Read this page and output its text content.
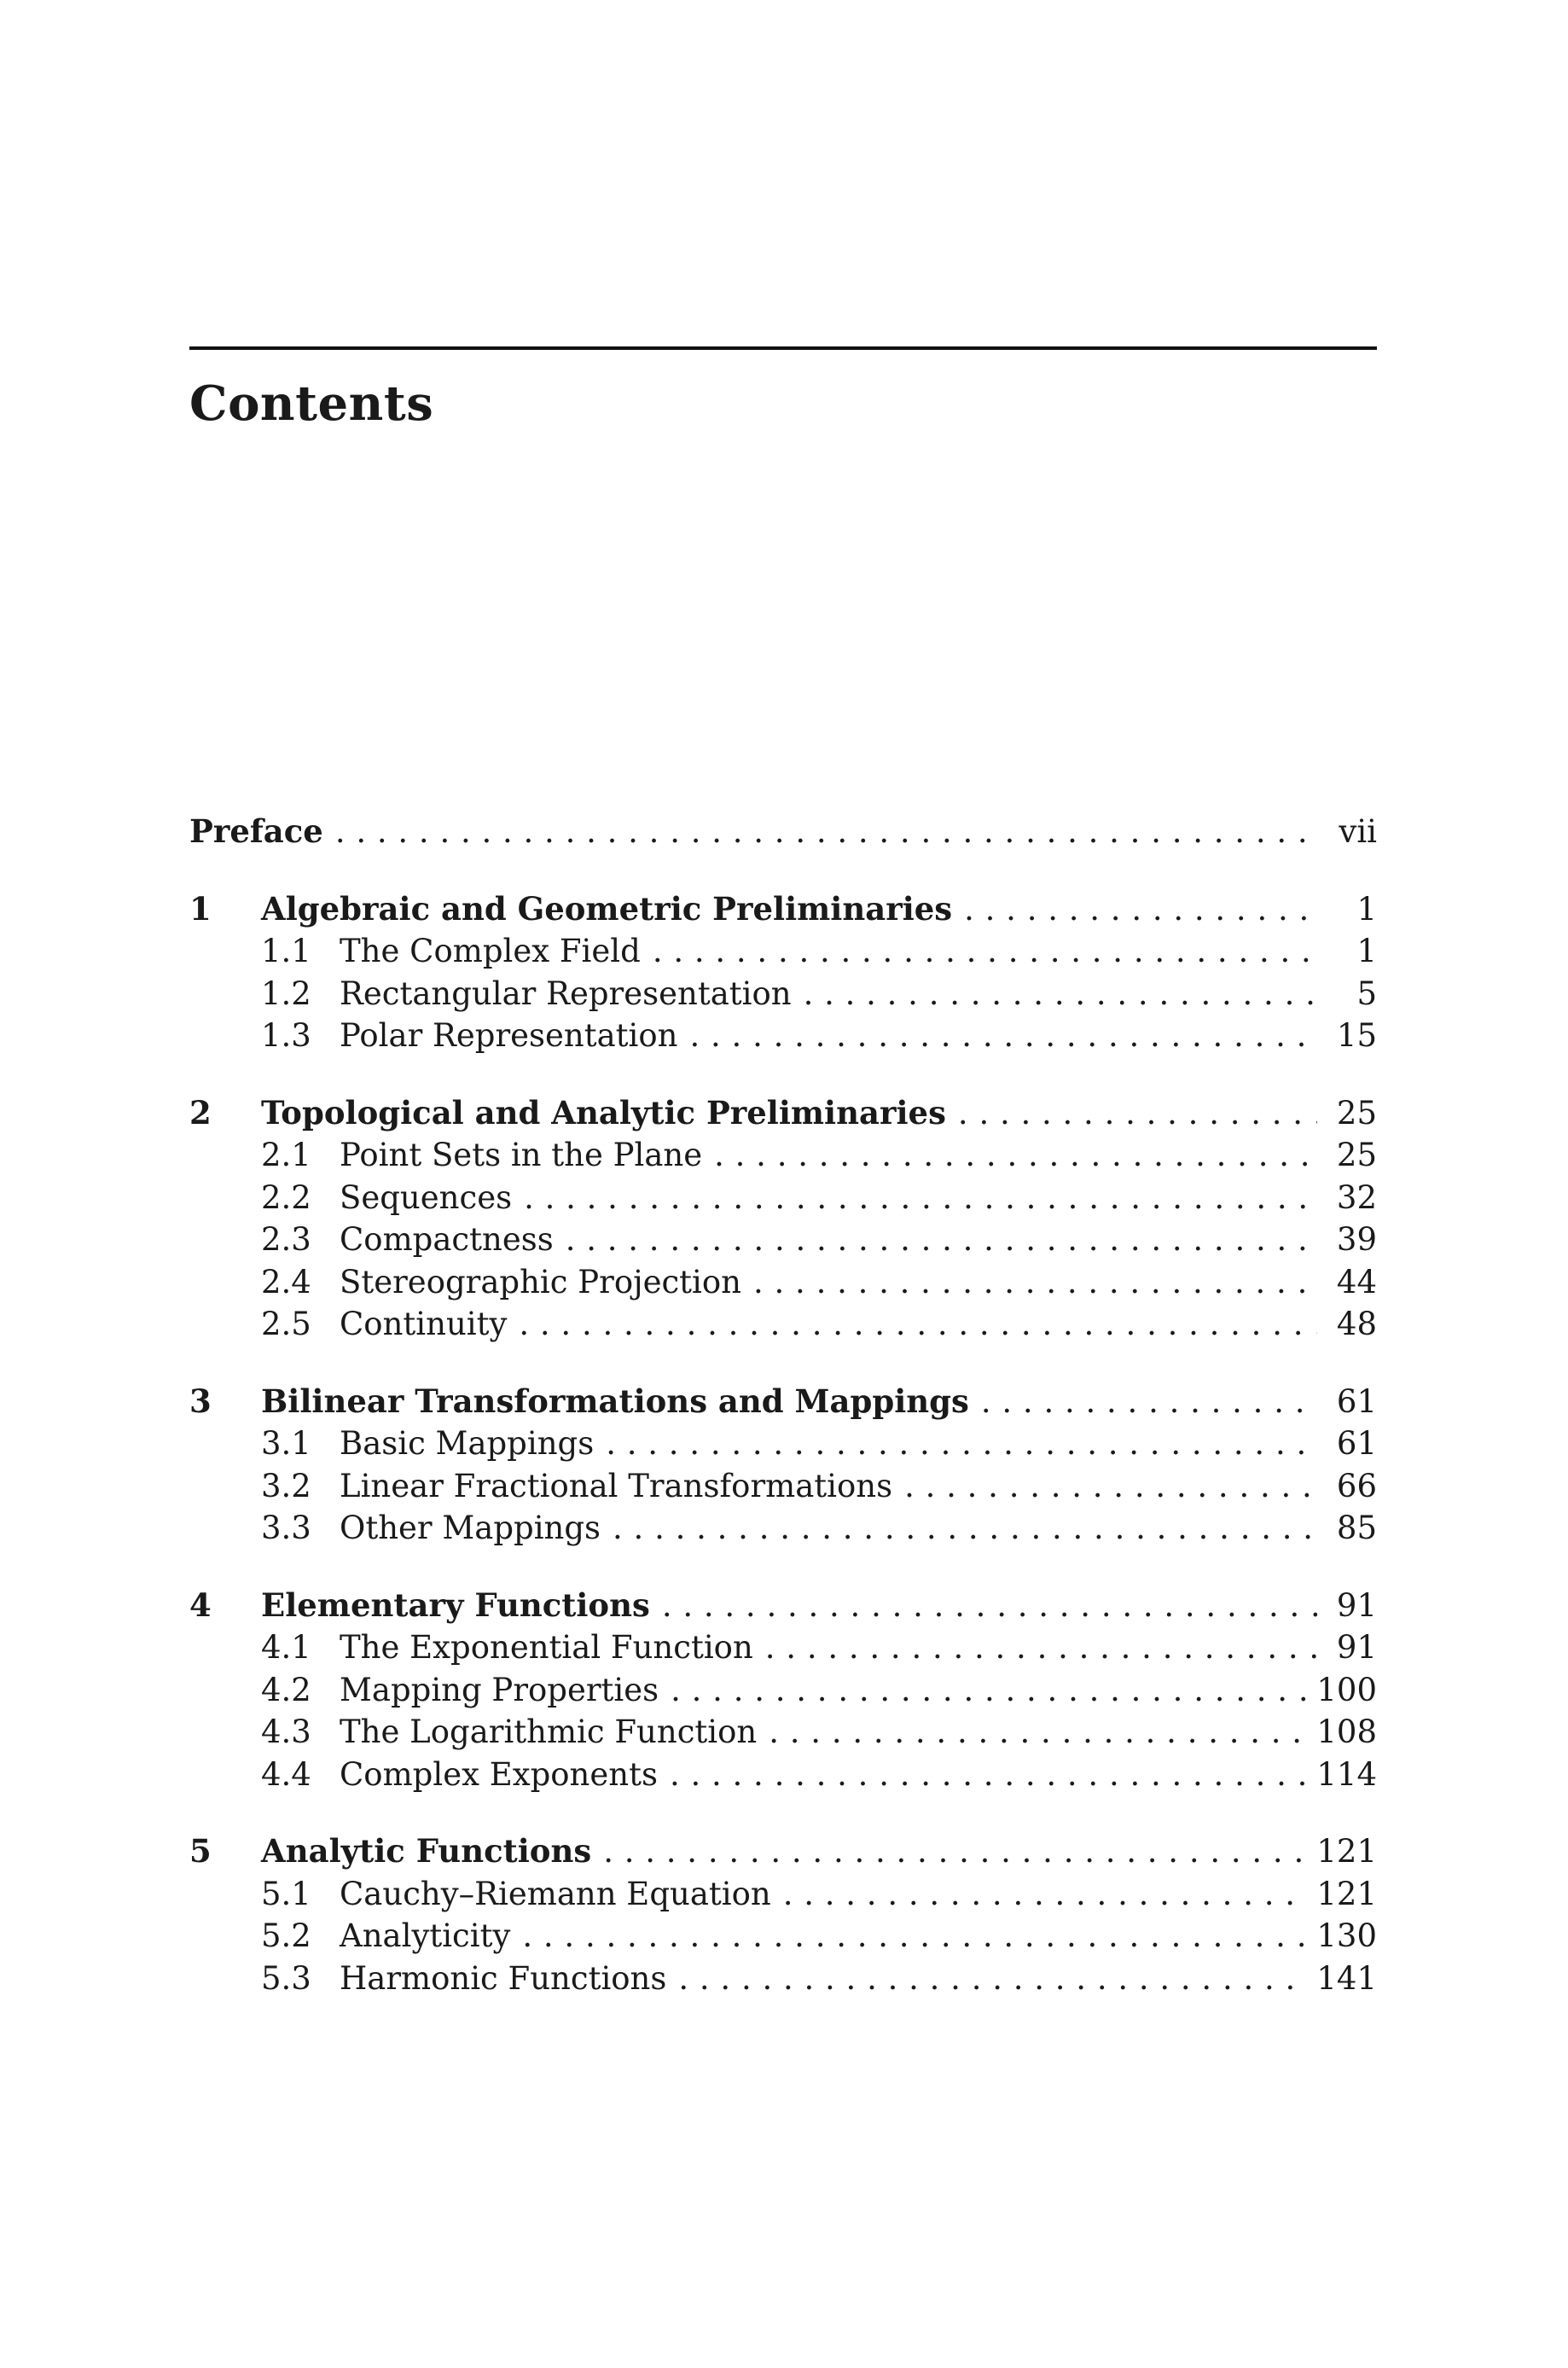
Contents
Preface . . .	vii
1	Algebraic and Geometric Preliminaries . . .	1
1.1 The Complex Field . . .	1
1.2 Rectangular Representation . . .	5
1.3 Polar Representation . . .	15
2	Topological and Analytic Preliminaries . . .	25
2.1 Point Sets in the Plane . . .	25
2.2 Sequences . . .	32
2.3 Compactness . . .	39
2.4 Stereographic Projection . . .	44
2.5 Continuity . . .	48
3	Bilinear Transformations and Mappings . . .	61
3.1 Basic Mappings . . .	61
3.2 Linear Fractional Transformations . . .	66
3.3 Other Mappings . . .	85
4	Elementary Functions . . .	91
4.1 The Exponential Function . . .	91
4.2 Mapping Properties . . .	100
4.3 The Logarithmic Function . . .	108
4.4 Complex Exponents . . .	114
5	Analytic Functions . . .	121
5.1 Cauchy–Riemann Equation . . .	121
5.2 Analyticity . . .	130
5.3 Harmonic Functions . . .	141
